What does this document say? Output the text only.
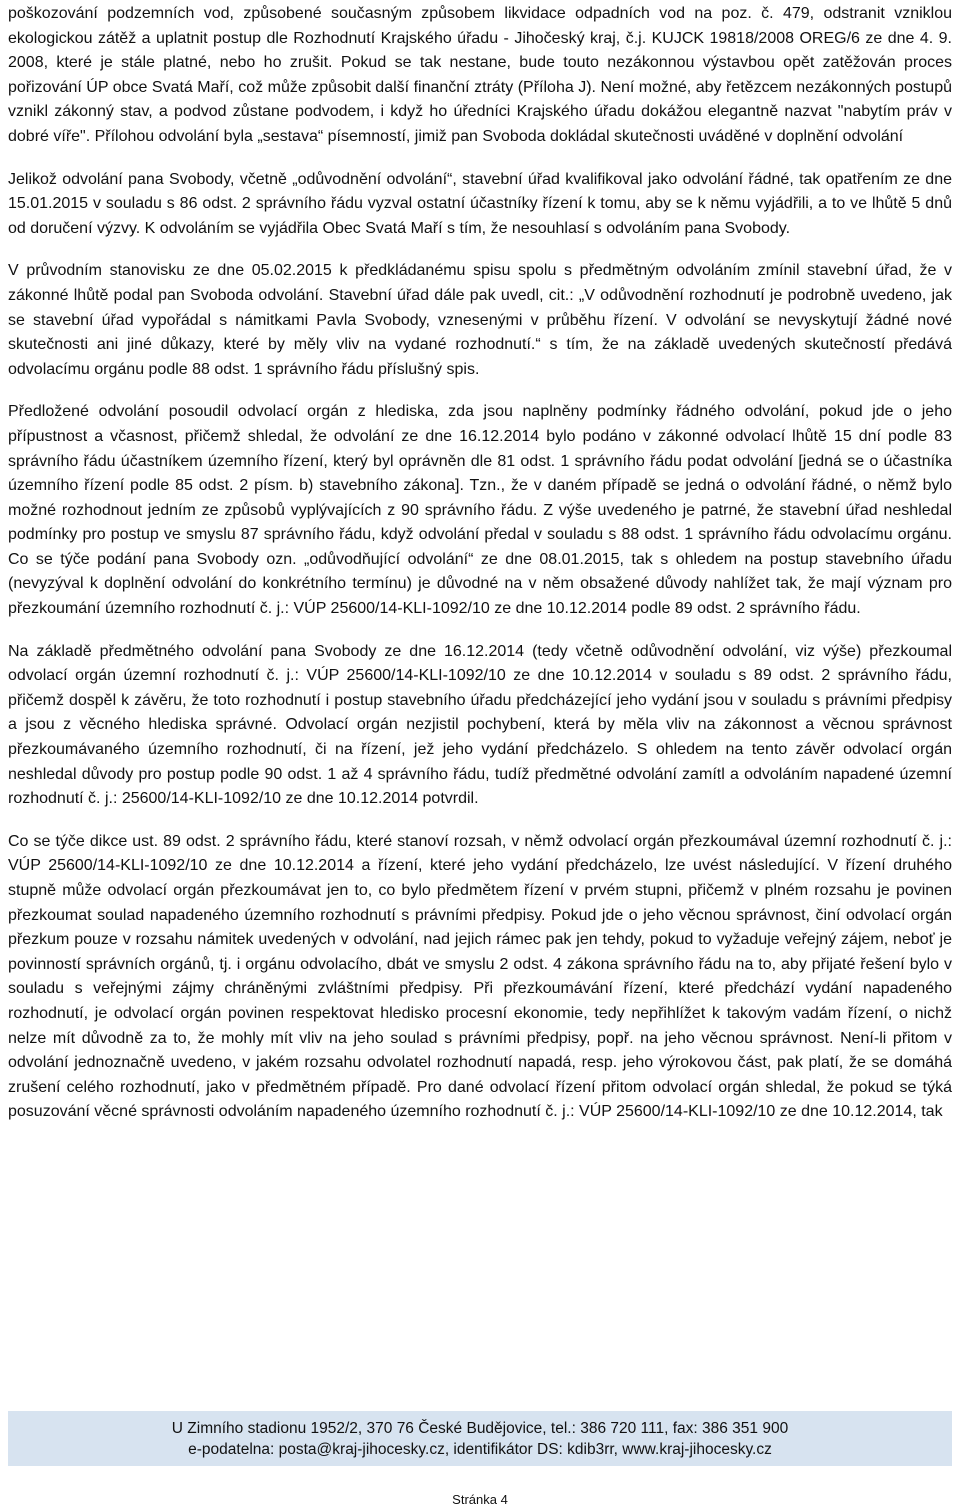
poškozování podzemních vod, způsobené současným způsobem likvidace odpadních vod na poz. č. 479, odstranit vzniklou ekologickou zátěž a uplatnit postup dle Rozhodnutí Krajského úřadu - Jihočeský kraj, č.j. KUJCK 19818/2008 OREG/6 ze dne 4. 9. 2008, které je stále platné, nebo ho zrušit. Pokud se tak nestane, bude touto nezákonnou výstavbou opět zatěžován proces pořizování ÚP obce Svatá Maří, což může způsobit další finanční ztráty (Příloha J). Není možné, aby řetězcem nezákonných postupů vznikl zákonný stav, a podvod zůstane podvodem, i když ho úředníci Krajského úřadu dokážou elegantně nazvat "nabytím práv v dobré víře". Přílohou odvolání byla „sestava“ písemností, jimiž pan Svoboda dokládal skutečnosti uváděné v doplnění odvolání

Jelikož odvolání pana Svobody, včetně „odůvodnění odvolání“, stavební úřad kvalifikoval jako odvolání řádné, tak opatřením ze dne 15.01.2015 v souladu s 86 odst. 2 správního řádu vyzval ostatní účastníky řízení k tomu, aby se k němu vyjádřili, a to ve lhůtě 5 dnů od doručení výzvy. K odvoláním se vyjádřila Obec Svatá Maří s tím, že nesouhlasí s odvoláním pana Svobody.

V průvodním stanovisku ze dne 05.02.2015 k předkládanému spisu spolu s předmětným odvoláním zmínil stavební úřad, že v zákonné lhůtě podal pan Svoboda odvolání. Stavební úřad dále pak uvedl, cit.: „V odůvodnění rozhodnutí je podrobně uvedeno, jak se stavební úřad vypořádal s námitkami Pavla Svobody, vznesenými v průběhu řízení. V odvolání se nevyskytují žádné nové skutečnosti ani jiné důkazy, které by měly vliv na vydané rozhodnutí.“ s tím, že na základě uvedených skutečností předává odvolacímu orgánu podle 88 odst. 1 správního řádu příslušný spis.

Předložené odvolání posoudil odvolací orgán z hlediska, zda jsou naplněny podmínky řádného odvolání, pokud jde o jeho přípustnost a včasnost, přičemž shledal, že odvolání ze dne 16.12.2014 bylo podáno v zákonné odvolací lhůtě 15 dní podle 83 správního řádu účastníkem územního řízení, který byl oprávněn dle 81 odst. 1 správního řádu podat odvolání [jedná se o účastníka územního řízení podle 85 odst. 2 písm. b) stavebního zákona]. Tzn., že v daném případě se jedná o odvolání řádné, o němž bylo možné rozhodnout jedním ze způsobů vyplývajících z 90 správního řádu. Z výše uvedeného je patrné, že stavební úřad neshledal podmínky pro postup ve smyslu 87 správního řádu, když odvolání předal v souladu s 88 odst. 1 správního řádu odvolacímu orgánu. Co se týče podání pana Svobody ozn. „odůvodňující odvolání“ ze dne 08.01.2015, tak s ohledem na postup stavebního úřadu (nevyzýval k doplnění odvolání do konkrétního termínu) je důvodné na v něm obsažené důvody nahlížet tak, že mají význam pro přezkoumání územního rozhodnutí č. j.: VÚP 25600/14-KLI-1092/10 ze dne 10.12.2014 podle 89 odst. 2 správního řádu.

Na základě předmětného odvolání pana Svobody ze dne 16.12.2014 (tedy včetně odůvodnění odvolání, viz výše) přezkoumal odvolací orgán územní rozhodnutí č. j.: VÚP 25600/14-KLI-1092/10 ze dne 10.12.2014 v souladu s 89 odst. 2 správního řádu, přičemž dospěl k závěru, že toto rozhodnutí i postup stavebního úřadu předcházející jeho vydání jsou v souladu s právními předpisy a jsou z věcného hlediska správné. Odvolací orgán nezjistil pochybení, která by měla vliv na zákonnost a věcnou správnost přezkoumávaného územního rozhodnutí, či na řízení, jež jeho vydání předcházelo. S ohledem na tento závěr odvolací orgán neshledal důvody pro postup podle 90 odst. 1 až 4 správního řádu, tudíž předmětné odvolání zamítl a odvoláním napadené územní rozhodnutí č. j.: 25600/14-KLI-1092/10 ze dne 10.12.2014 potvrdil.

Co se týče dikce ust. 89 odst. 2 správního řádu, které stanoví rozsah, v němž odvolací orgán přezkoumával územní rozhodnutí č. j.: VÚP 25600/14-KLI-1092/10 ze dne 10.12.2014 a řízení, které jeho vydání předcházelo, lze uvést následující. V řízení druhého stupně může odvolací orgán přezkoumávat jen to, co bylo předmětem řízení v prvém stupni, přičemž v plném rozsahu je povinen přezkoumat soulad napadeného územního rozhodnutí s právními předpisy. Pokud jde o jeho věcnou správnost, činí odvolací orgán přezkum pouze v rozsahu námitek uvedených v odvolání, nad jejich rámec pak jen tehdy, pokud to vyžaduje veřejný zájem, neboť je povinností správních orgánů, tj. i orgánu odvolacího, dbát ve smyslu 2 odst. 4 zákona správního řádu na to, aby přijaté řešení bylo v souladu s veřejnými zájmy chráněnými zvláštními předpisy. Při přezkoumávání řízení, které předchází vydání napadeného rozhodnutí, je odvolací orgán povinen respektovat hledisko procesní ekonomie, tedy nepřihlížet k takovým vadám řízení, o nichž nelze mít důvodně za to, že mohly mít vliv na jeho soulad s právními předpisy, popř. na jeho věcnou správnost. Není-li přitom v odvolání jednoznačně uvedeno, v jakém rozsahu odvolatel rozhodnutí napadá, resp. jeho výrokovou část, pak platí, že se domáhá zrušení celého rozhodnutí, jako v předmětném případě. Pro dané odvolací řízení přitom odvolací orgán shledal, že pokud se týká posuzování věcné správnosti odvoláním napadeného územního rozhodnutí č. j.: VÚP 25600/14-KLI-1092/10 ze dne 10.12.2014, tak

U Zimního stadionu 1952/2, 370 76 České Budějovice, tel.: 386 720 111, fax: 386 351 900
e-podatelna: posta@kraj-jihocesky.cz, identifikátor DS: kdib3rr, www.kraj-jihocesky.cz
Stránka 4
